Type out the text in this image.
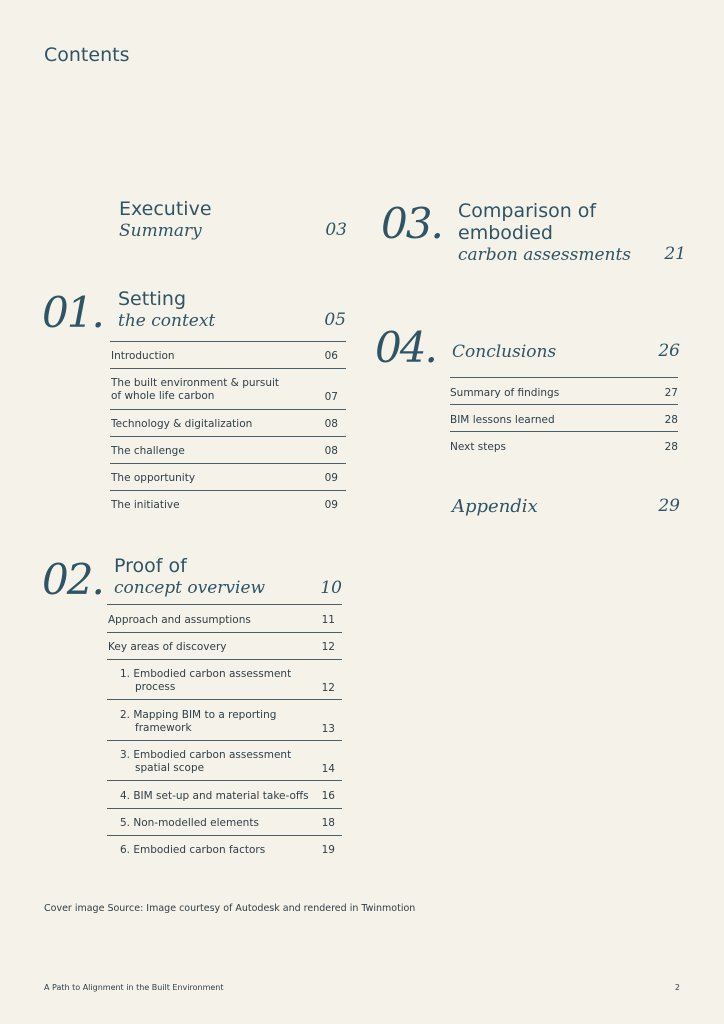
Contents
Executive
Summary	03
01. Setting
the context	05
Introduction	06
The built environment & pursuit
of whole life carbon	07
Technology & digitalization	08
The challenge	08
The opportunity	09
The initiative	09
02. Proof of
concept overview	10
Approach and assumptions	11
Key areas of discovery	12
1. Embodied carbon assessment
process	12
2. Mapping BIM to a reporting
framework	13
3. Embodied carbon assessment
spatial scope	14
4. BIM set-up and material take-offs	16
5. Non-modelled elements	18
6. Embodied carbon factors	19
03. Comparison of
embodied
carbon assessments	21
04. Conclusions	26
Summary of findings	27
BIM lessons learned	28
Next steps	28
Appendix	29
Cover image Source: Image courtesy of Autodesk and rendered in Twinmotion
A Path to Alignment in the Built Environment	2
